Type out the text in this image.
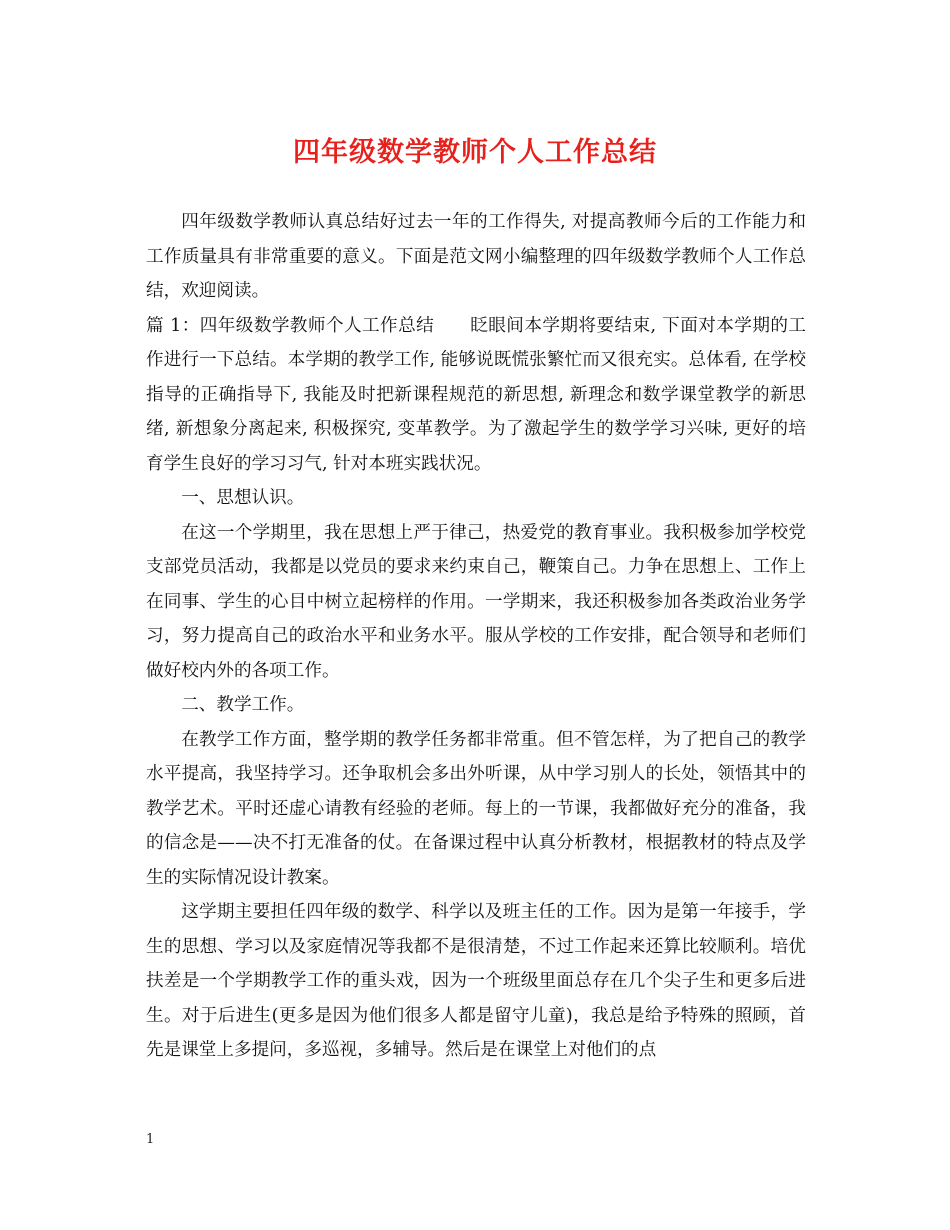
四年级数学教师个人工作总结

四年级数学教师认真总结好过去一年的工作得失, 对提高教师今后的工作能力和工作质量具有非常重要的意义。下面是范文网小编整理的四年级数学教师个人工作总结，欢迎阅读。

篇 1：四年级数学教师个人工作总结　　眨眼间本学期将要结束, 下面对本学期的工作进行一下总结。本学期的教学工作, 能够说既慌张繁忙而又很充实。总体看, 在学校指导的正确指导下, 我能及时把新课程规范的新思想, 新理念和数学课堂教学的新思绪, 新想象分离起来, 积极探究, 变革教学。为了激起学生的数学学习兴味, 更好的培育学生良好的学习习气, 针对本班实践状况。

一、思想认识。

在这一个学期里，我在思想上严于律己，热爱党的教育事业。我积极参加学校党支部党员活动，我都是以党员的要求来约束自己，鞭策自己。力争在思想上、工作上在同事、学生的心目中树立起榜样的作用。一学期来，我还积极参加各类政治业务学习，努力提高自己的政治水平和业务水平。服从学校的工作安排，配合领导和老师们做好校内外的各项工作。

二、教学工作。

在教学工作方面，整学期的教学任务都非常重。但不管怎样，为了把自己的教学水平提高，我坚持学习。还争取机会多出外听课，从中学习别人的长处，领悟其中的教学艺术。平时还虚心请教有经验的老师。每上的一节课，我都做好充分的准备，我的信念是——决不打无准备的仗。在备课过程中认真分析教材，根据教材的特点及学生的实际情况设计教案。

这学期主要担任四年级的数学、科学以及班主任的工作。因为是第一年接手，学生的思想、学习以及家庭情况等我都不是很清楚，不过工作起来还算比较顺利。培优扶差是一个学期教学工作的重头戏，因为一个班级里面总存在几个尖子生和更多后进生。对于后进生(更多是因为他们很多人都是留守儿童)，我总是给予特殊的照顾，首先是课堂上多提问，多巡视，多辅导。然后是在课堂上对他们的点

1
